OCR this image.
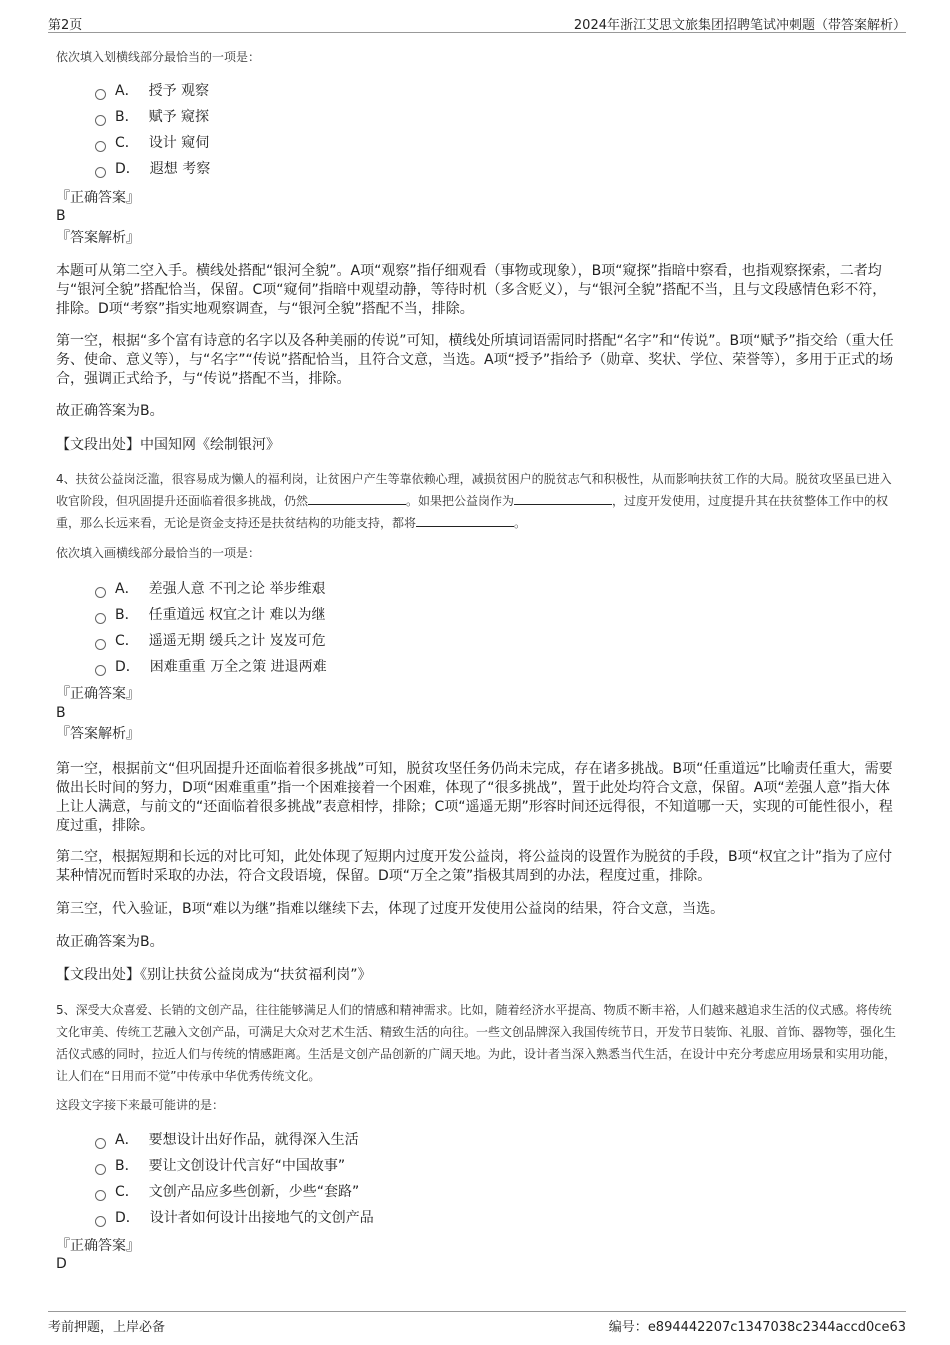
第2页	2024年浙江艾思文旅集团招聘笔试冲刺题（带答案解析）
依次填入划横线部分最恰当的一项是：
A． 授予 观察
B． 赋予 窥探
C． 设计 窥伺
D． 遐想 考察
『正确答案』
B
『答案解析』
本题可从第二空入手。横线处搭配“银河全貌”。A项“观察”指仔细观看（事物或现象），B项“窥探”指暗中察看，也指观察探索，二者均与“银河全貌”搭配恰当，保留。C项“窥伺”指暗中观望动静，等待时机（多含贬义），与“银河全貌”搭配不当，且与文段感情色彩不符，排除。D项“考察”指实地观察调查，与“银河全貌”搭配不当，排除。
第一空，根据“多个富有诗意的名字以及各种美丽的传说”可知，横线处所填词语需同时搭配“名字”和“传说”。B项“赋予”指交给（重大任务、使命、意义等），与“名字”“传说”搭配恰当，且符合文意，当选。A项“授予”指给予（勋章、奖状、学位、荣誉等），多用于正式的场合，强调正式给予，与“传说”搭配不当，排除。
故正确答案为B。
【文段出处】中国知网《绘制银河》
4、扶贫公益岗泛滥，很容易成为懒人的福利岗，让贫困户产生等靠依赖心理，减损贫困户的脱贫志气和积极性，从而影响扶贫工作的大局。脱贫攻坚虽已进入收官阶段，但巩固提升还面临着很多挑战，仍然	。如果把公益岗作为	，过度开发使用，过度提升其在扶贫整体工作中的权重，那么长远来看，无论是资金支持还是扶贫结构的功能支持，都将	。
依次填入画横线部分最恰当的一项是：
A． 差强人意 不刊之论 举步维艰
B． 任重道远 权宜之计 难以为继
C． 遥遥无期 缓兵之计 岌岌可危
D． 困难重重 万全之策 进退两难
『正确答案』
B
『答案解析』
第一空，根据前文“但巩固提升还面临着很多挑战”可知，脱贫攻坚任务仍尚未完成，存在诸多挑战。B项“任重道远”比喻责任重大，需要做出长时间的努力，D项“困难重重”指一个困难接着一个困难，体现了“很多挑战”，置于此处均符合文意，保留。A项“差强人意”指大体上让人满意，与前文的“还面临着很多挑战”表意相悖，排除；C项“遥遥无期”形容时间还远得很，不知道哪一天，实现的可能性很小，程度过重，排除。
第二空，根据短期和长远的对比可知，此处体现了短期内过度开发公益岗，将公益岗的设置作为脱贫的手段，B项“权宜之计”指为了应付某种情况而暂时采取的办法，符合文段语境，保留。D项“万全之策”指极其周到的办法，程度过重，排除。
第三空，代入验证，B项“难以为继”指难以继续下去，体现了过度开发使用公益岗的结果，符合文意，当选。
故正确答案为B。
【文段出处】《别让扶贫公益岗成为“扶贫福利岗”》
5、深受大众喜爱、长销的文创产品，往往能够满足人们的情感和精神需求。比如，随着经济水平提高、物质不断丰裕，人们越来越追求生活的仪式感。将传统文化审美、传统工艺融入文创产品，可满足大众对艺术生活、精致生活的向往。一些文创品牌深入我国传统节日，开发节日装饰、礼服、首饰、器物等，强化生活仪式感的同时，拉近人们与传统的情感距离。生活是文创产品创新的广阔天地。为此，设计者当深入熟悉当代生活，在设计中充分考虑应用场景和实用功能，让人们在“日用而不觉”中传承中华优秀传统文化。
这段文字接下来最可能讲的是：
A． 要想设计出好作品，就得深入生活
B． 要让文创设计代言好“中国故事”
C． 文创产品应多些创新，少些“套路”
D． 设计者如何设计出接地气的文创产品
『正确答案』
D
考前押题，上岸必备	编号：e894442207c1347038c2344accd0ce63
